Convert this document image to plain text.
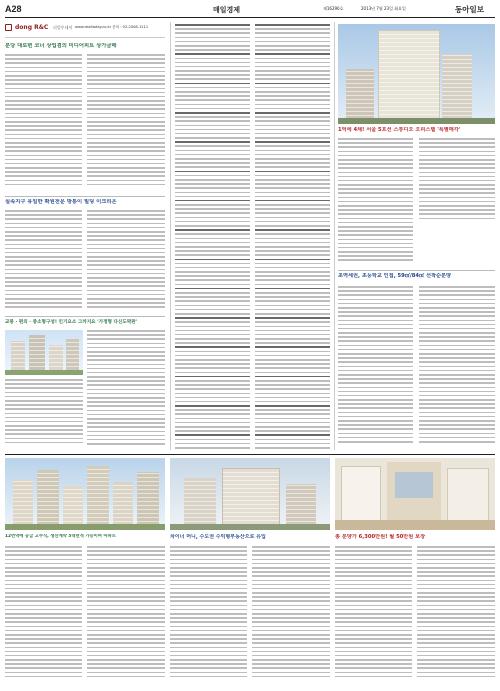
A28	매일경제	제16290호	2013년 7월 23일 화요일	동아일보
dong R&C 리얼투데이 www.realtoday.co.kr 문의 : 02-2008-1211
분당 대로변 코너 상업겸의 미디어피트 상가금매
실속지구 유일한 확원전문 방통이 빌딩 이크리온
교통 · 편의 · 중소형구성! 인기요소 그까지요 '가정형 다신도팍판'
1억에 4채! 서울 5호선 스튜디오 오피스텔 '특별매각'
초역세권, 초등학교 인접, 59㎡/84㎡ 선착순분양
12번역에 공급 고주식, 생산계약 5대면적 가능이며 아파트	차이너 머니, 수도권 수익형부동산으로 유입	총 분양가 6,300만원! 월 50만원 보장
